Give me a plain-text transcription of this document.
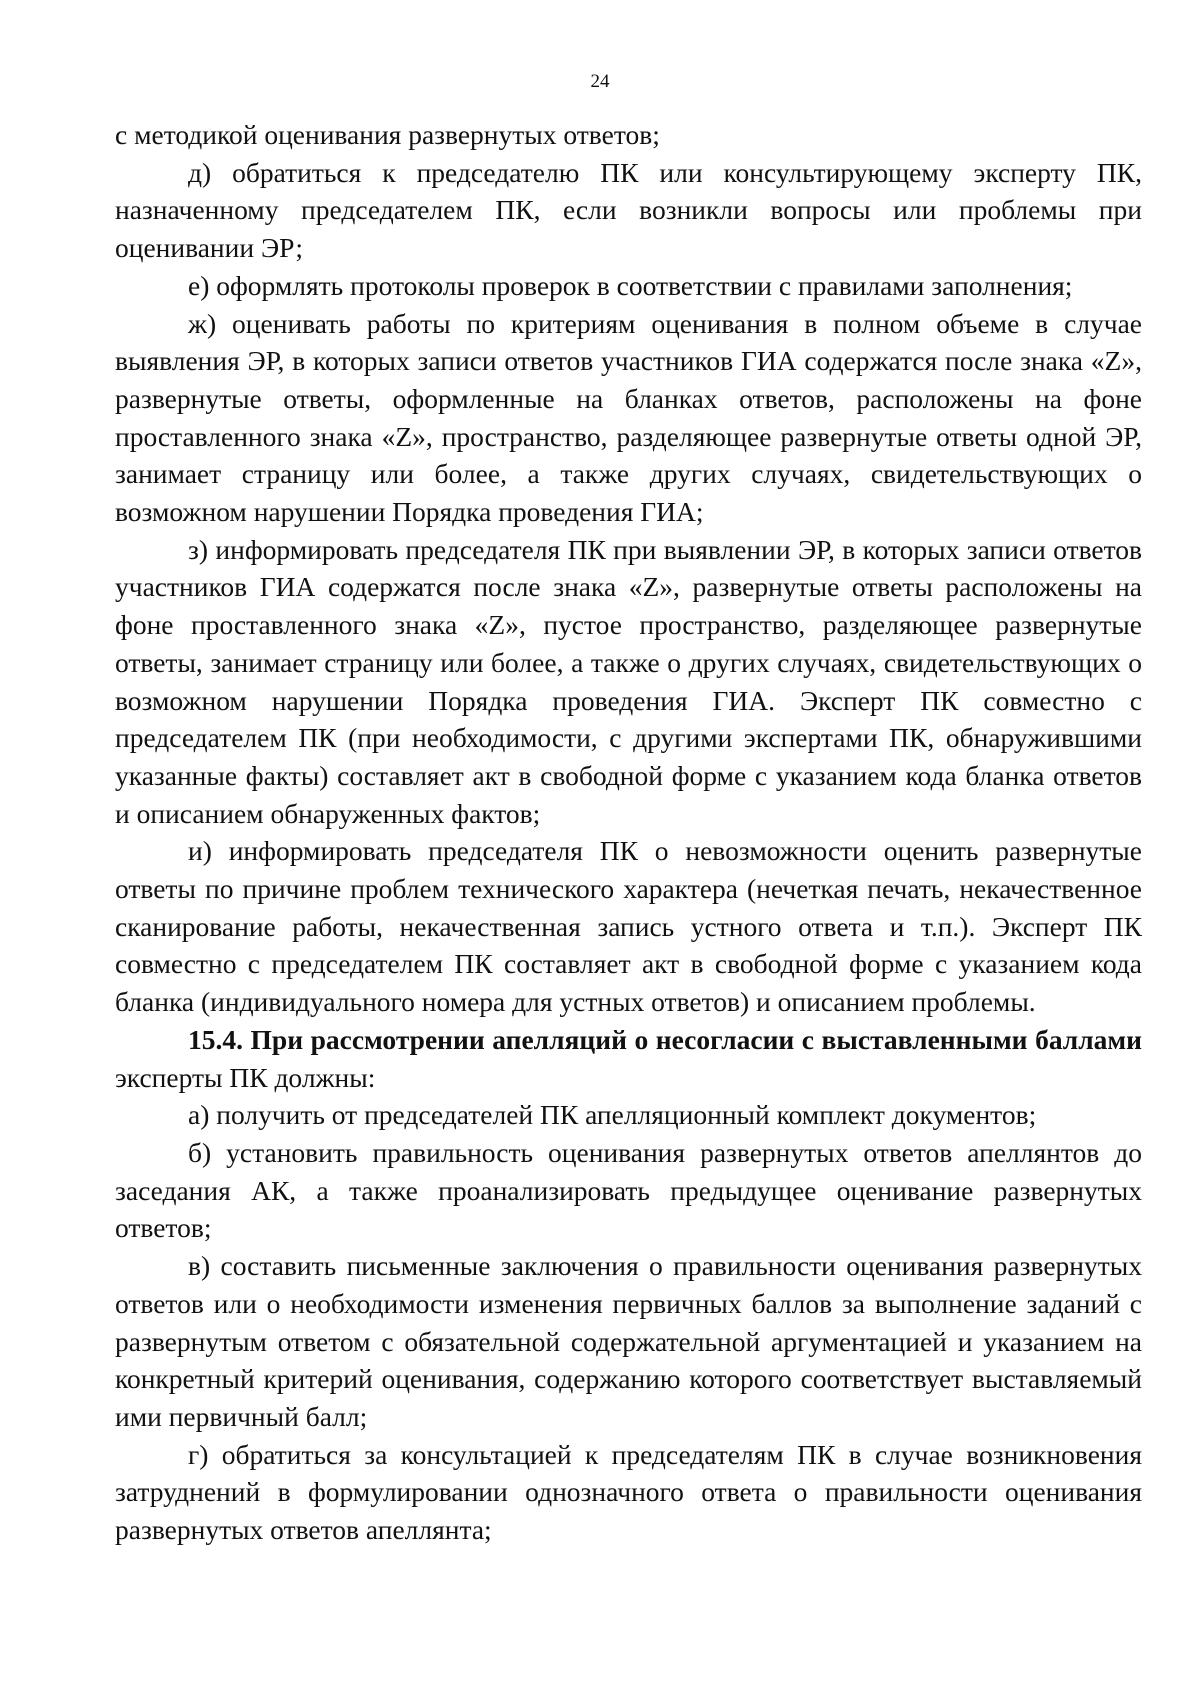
24

с методикой оценивания развернутых ответов;

д) обратиться к председателю ПК или консультирующему эксперту ПК, назначенному председателем ПК, если возникли вопросы или проблемы при оценивании ЭР;

е) оформлять протоколы проверок в соответствии с правилами заполнения;

ж) оценивать работы по критериям оценивания в полном объеме в случае выявления ЭР, в которых записи ответов участников ГИА содержатся после знака «Z», развернутые ответы, оформленные на бланках ответов, расположены на фоне проставленного знака «Z», пространство, разделяющее развернутые ответы одной ЭР, занимает страницу или более, а также других случаях, свидетельствующих о возможном нарушении Порядка проведения ГИА;

з) информировать председателя ПК при выявлении ЭР, в которых записи ответов участников ГИА содержатся после знака «Z», развернутые ответы расположены на фоне проставленного знака «Z», пустое пространство, разделяющее развернутые ответы, занимает страницу или более, а также о других случаях, свидетельствующих о возможном нарушении Порядка проведения ГИА. Эксперт ПК совместно с председателем ПК (при необходимости, с другими экспертами ПК, обнаружившими указанные факты) составляет акт в свободной форме с указанием кода бланка ответов и описанием обнаруженных фактов;

и) информировать председателя ПК о невозможности оценить развернутые ответы по причине проблем технического характера (нечеткая печать, некачественное сканирование работы, некачественная запись устного ответа и т.п.). Эксперт ПК совместно с председателем ПК составляет акт в свободной форме с указанием кода бланка (индивидуального номера для устных ответов) и описанием проблемы.

15.4. При рассмотрении апелляций о несогласии с выставленными баллами эксперты ПК должны:

а) получить от председателей ПК апелляционный комплект документов;

б) установить правильность оценивания развернутых ответов апеллянтов до заседания АК, а также проанализировать предыдущее оценивание развернутых ответов;

в) составить письменные заключения о правильности оценивания развернутых ответов или о необходимости изменения первичных баллов за выполнение заданий с развернутым ответом с обязательной содержательной аргументацией и указанием на конкретный критерий оценивания, содержанию которого соответствует выставляемый ими первичный балл;

г) обратиться за консультацией к председателям ПК в случае возникновения затруднений в формулировании однозначного ответа о правильности оценивания развернутых ответов апеллянта;
